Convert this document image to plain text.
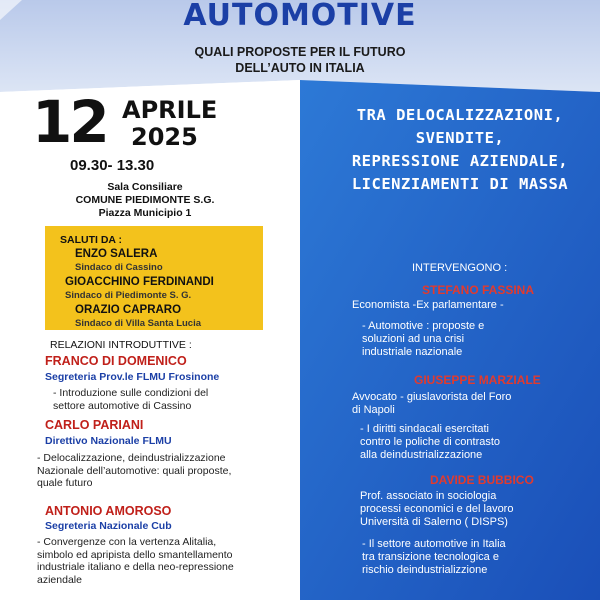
AUTOMOTIVE
QUALI PROPOSTE PER IL FUTURO
DELL’AUTO IN ITALIA
12 APRILE
2025
09.30- 13.30
Sala Consiliare
COMUNE PIEDIMONTE S.G.
Piazza Municipio 1
SALUTI DA :
ENZO SALERA
Sindaco di Cassino
GIOACCHINO FERDINANDI
Sindaco di Piedimonte S. G.
ORAZIO CAPRARO
Sindaco di Villa Santa Lucia
RELAZIONI INTRODUTTIVE :
FRANCO DI DOMENICO
Segreteria Prov.le FLMU Frosinone
- Introduzione sulle condizioni del
settore automotive di Cassino
CARLO PARIANI
Direttivo Nazionale FLMU
- Delocalizzazione, deindustrializzazione
Nazionale dell’automotive: quali proposte,
quale futuro
ANTONIO AMOROSO
Segreteria Nazionale Cub
- Convergenze con la vertenza Alitalia,
simbolo ed apripista dello smantellamento
industriale italiano e della neo-repressione
aziendale
TRA DELOCALIZZAZIONI,
SVENDITE,
REPRESSIONE AZIENDALE,
LICENZIAMENTI DI MASSA
INTERVENGONO :
STEFANO FASSINA
Economista -Ex parlamentare -
- Automotive : proposte e
soluzioni ad una crisi
industriale nazionale
GIUSEPPE MARZIALE
Avvocato - giuslavorista del Foro
di Napoli
- I diritti sindacali esercitati
contro le poliche di contrasto
alla deindustrializzazione
DAVIDE BUBBICO
Prof. associato in sociologia
processi economici e del lavoro
Università di Salerno ( DISPS)
- Il settore automotive in Italia
tra transizione tecnologica e
rischio deindustrializzione
